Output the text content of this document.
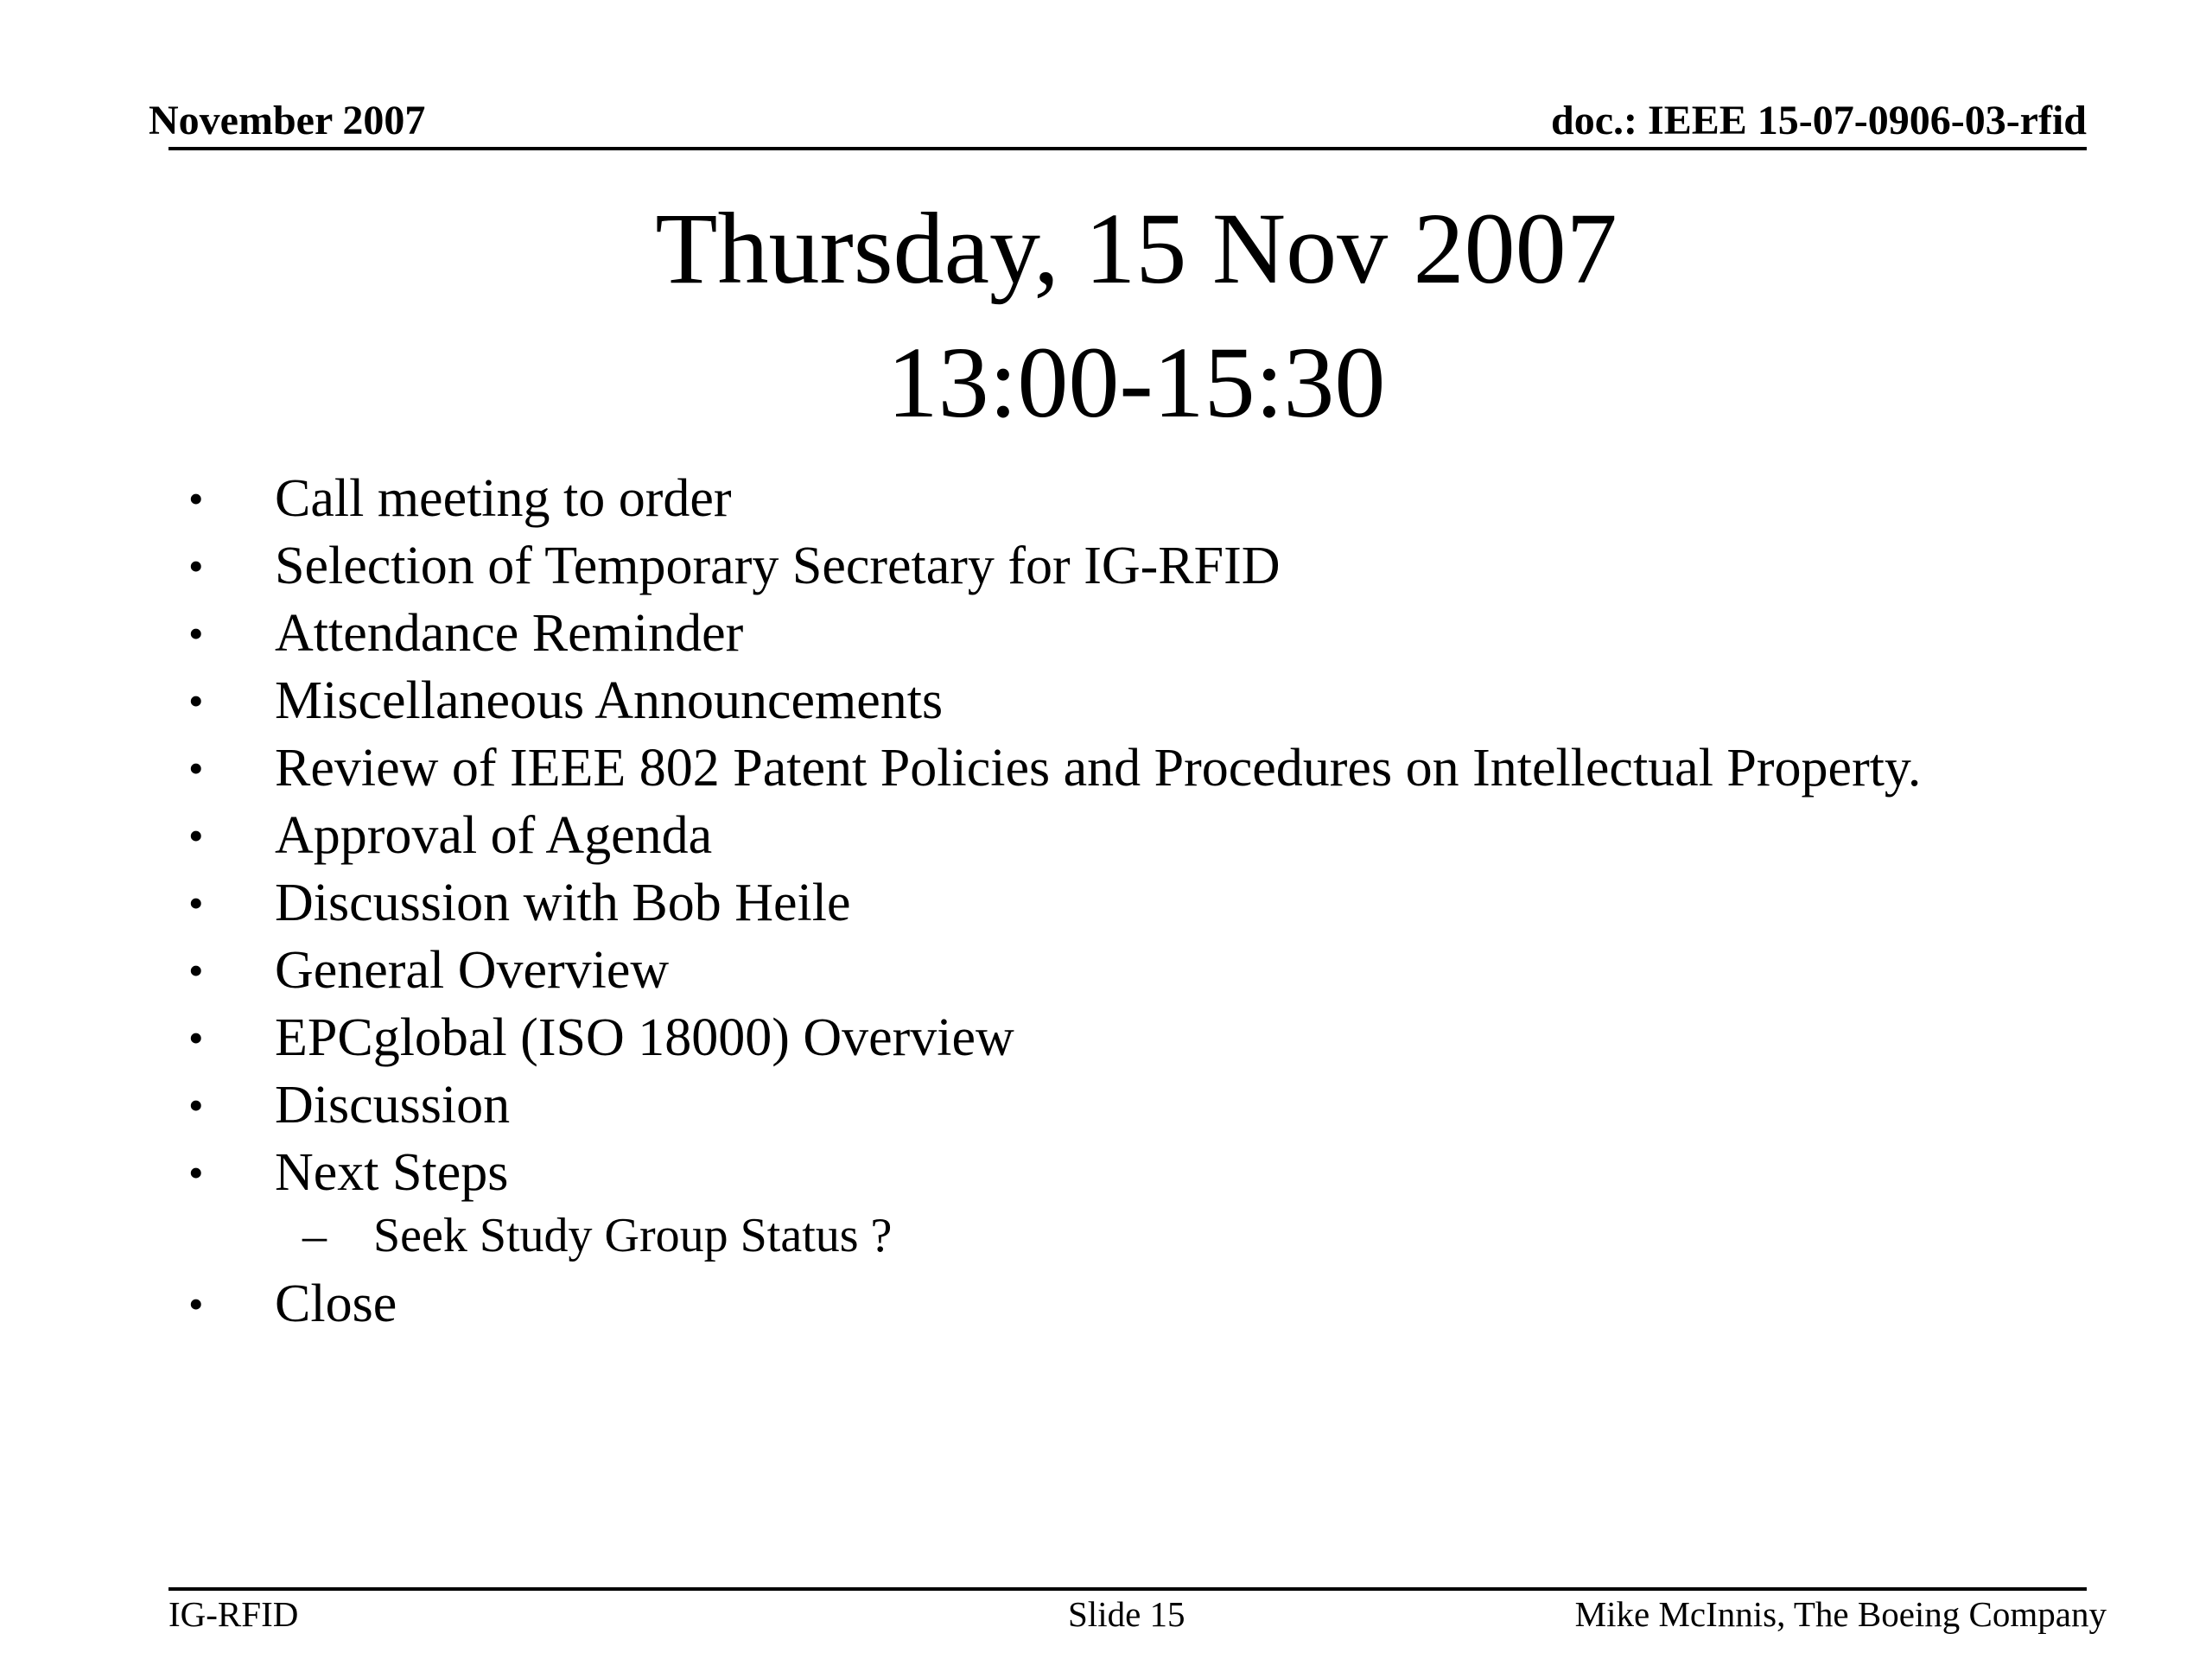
November 2007	doc.: IEEE 15-07-0906-03-rfid
Thursday, 15 Nov 2007
13:00-15:30
• Call meeting to order
• Selection of Temporary Secretary for IG-RFID
• Attendance Reminder
• Miscellaneous Announcements
• Review of IEEE 802 Patent Policies and Procedures on Intellectual Property.
• Approval of Agenda
• Discussion with Bob Heile
• General Overview
• EPCglobal (ISO 18000) Overview
• Discussion
• Next Steps
– Seek Study Group Status ?
• Close
IG-RFID	Slide 15	Mike McInnis, The Boeing Company
